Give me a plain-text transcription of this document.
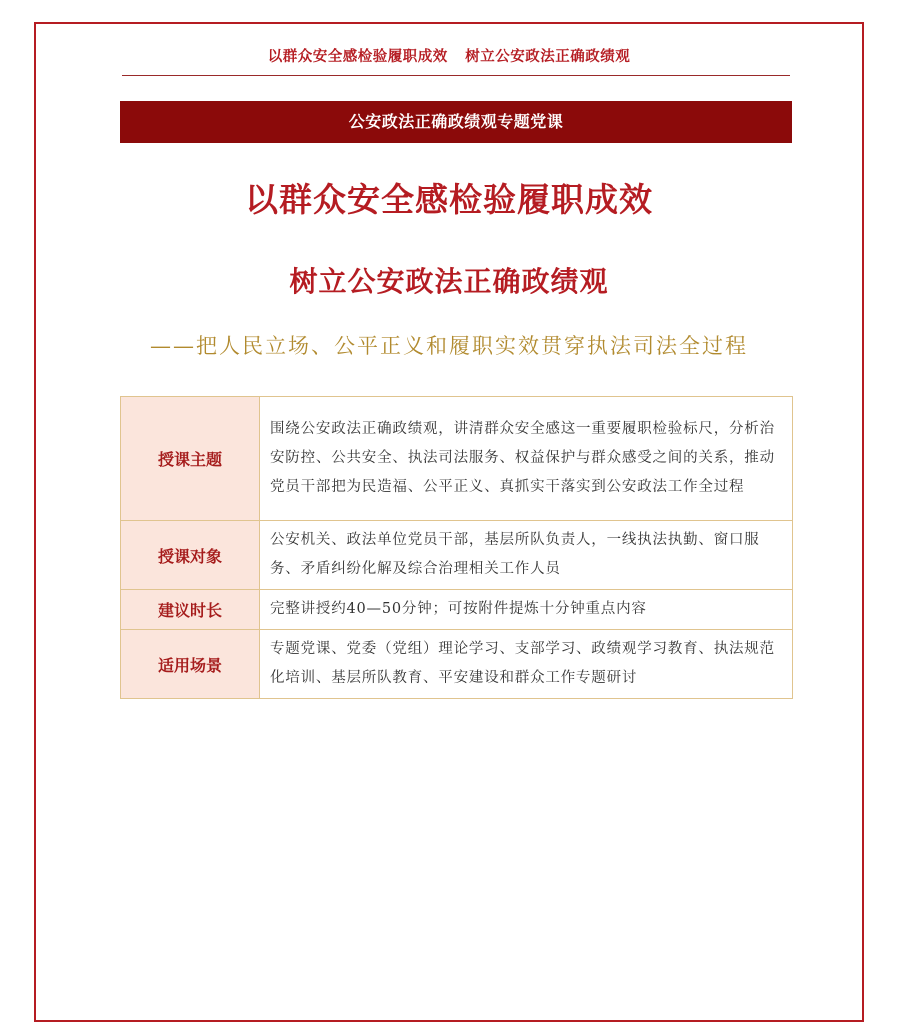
以群众安全感检验履职成效 树立公安政法正确政绩观
公安政法正确政绩观专题党课
以群众安全感检验履职成效
树立公安政法正确政绩观
——把人民立场、公平正义和履职实效贯穿执法司法全过程
授课主题	围绕公安政法正确政绩观，讲清群众安全感这一重要履职检验标尺，分析治安防控、公共安全、执法司法服务、权益保护与群众感受之间的关系，推动党员干部把为民造福、公平正义、真抓实干落实到公安政法工作全过程
授课对象	公安机关、政法单位党员干部，基层所队负责人，一线执法执勤、窗口服务、矛盾纠纷化解及综合治理相关工作人员
建议时长	完整讲授约40—50分钟；可按附件提炼十分钟重点内容
适用场景	专题党课、党委（党组）理论学习、支部学习、政绩观学习教育、执法规范化培训、基层所队教育、平安建设和群众工作专题研讨
